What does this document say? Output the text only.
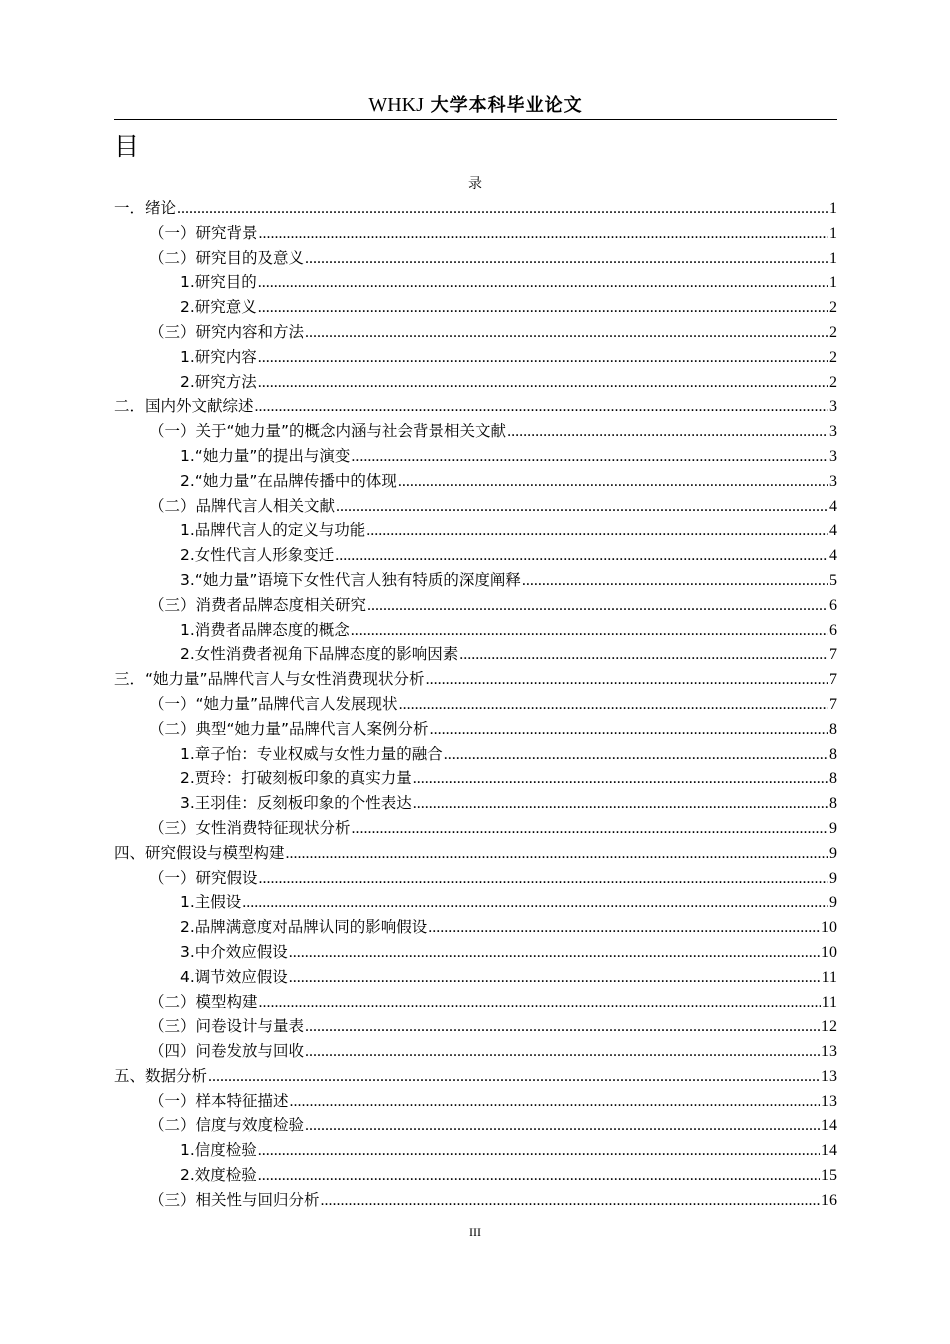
WHKJ 大学本科毕业论文
目
录
一．绪论 .....	1
（一）研究背景 .....	1
（二）研究目的及意义 .....	1
1.研究目的 .....	1
2.研究意义 .....	2
（三）研究内容和方法 .....	2
1.研究内容 .....	2
2.研究方法 .....	2
二．国内外文献综述 .....	3
（一）关于“她力量”的概念内涵与社会背景相关文献 .....	3
1.“她力量”的提出与演变 .....	3
2.“她力量”在品牌传播中的体现 .....	3
（二）品牌代言人相关文献 .....	4
1.品牌代言人的定义与功能 .....	4
2.女性代言人形象变迁 .....	4
3.“她力量”语境下女性代言人独有特质的深度阐释 .....	5
（三）消费者品牌态度相关研究 .....	6
1.消费者品牌态度的概念 .....	6
2.女性消费者视角下品牌态度的影响因素 .....	7
三．“她力量”品牌代言人与女性消费现状分析 .....	7
（一）“她力量”品牌代言人发展现状 .....	7
（二）典型“她力量”品牌代言人案例分析 .....	8
1.章子怡：专业权威与女性力量的融合 .....	8
2.贾玲：打破刻板印象的真实力量 .....	8
3.王羽佳：反刻板印象的个性表达 .....	8
（三）女性消费特征现状分析 .....	9
四、研究假设与模型构建 .....	9
（一）研究假设 .....	9
1.主假设 .....	9
2.品牌满意度对品牌认同的影响假设 .....	10
3.中介效应假设 .....	10
4.调节效应假设 .....	11
（二）模型构建 .....	11
（三）问卷设计与量表 .....	12
（四）问卷发放与回收 .....	13
五、数据分析 .....	13
（一）样本特征描述 .....	13
（二）信度与效度检验 .....	14
1.信度检验 .....	14
2.效度检验 .....	15
（三）相关性与回归分析 .....	16
III
